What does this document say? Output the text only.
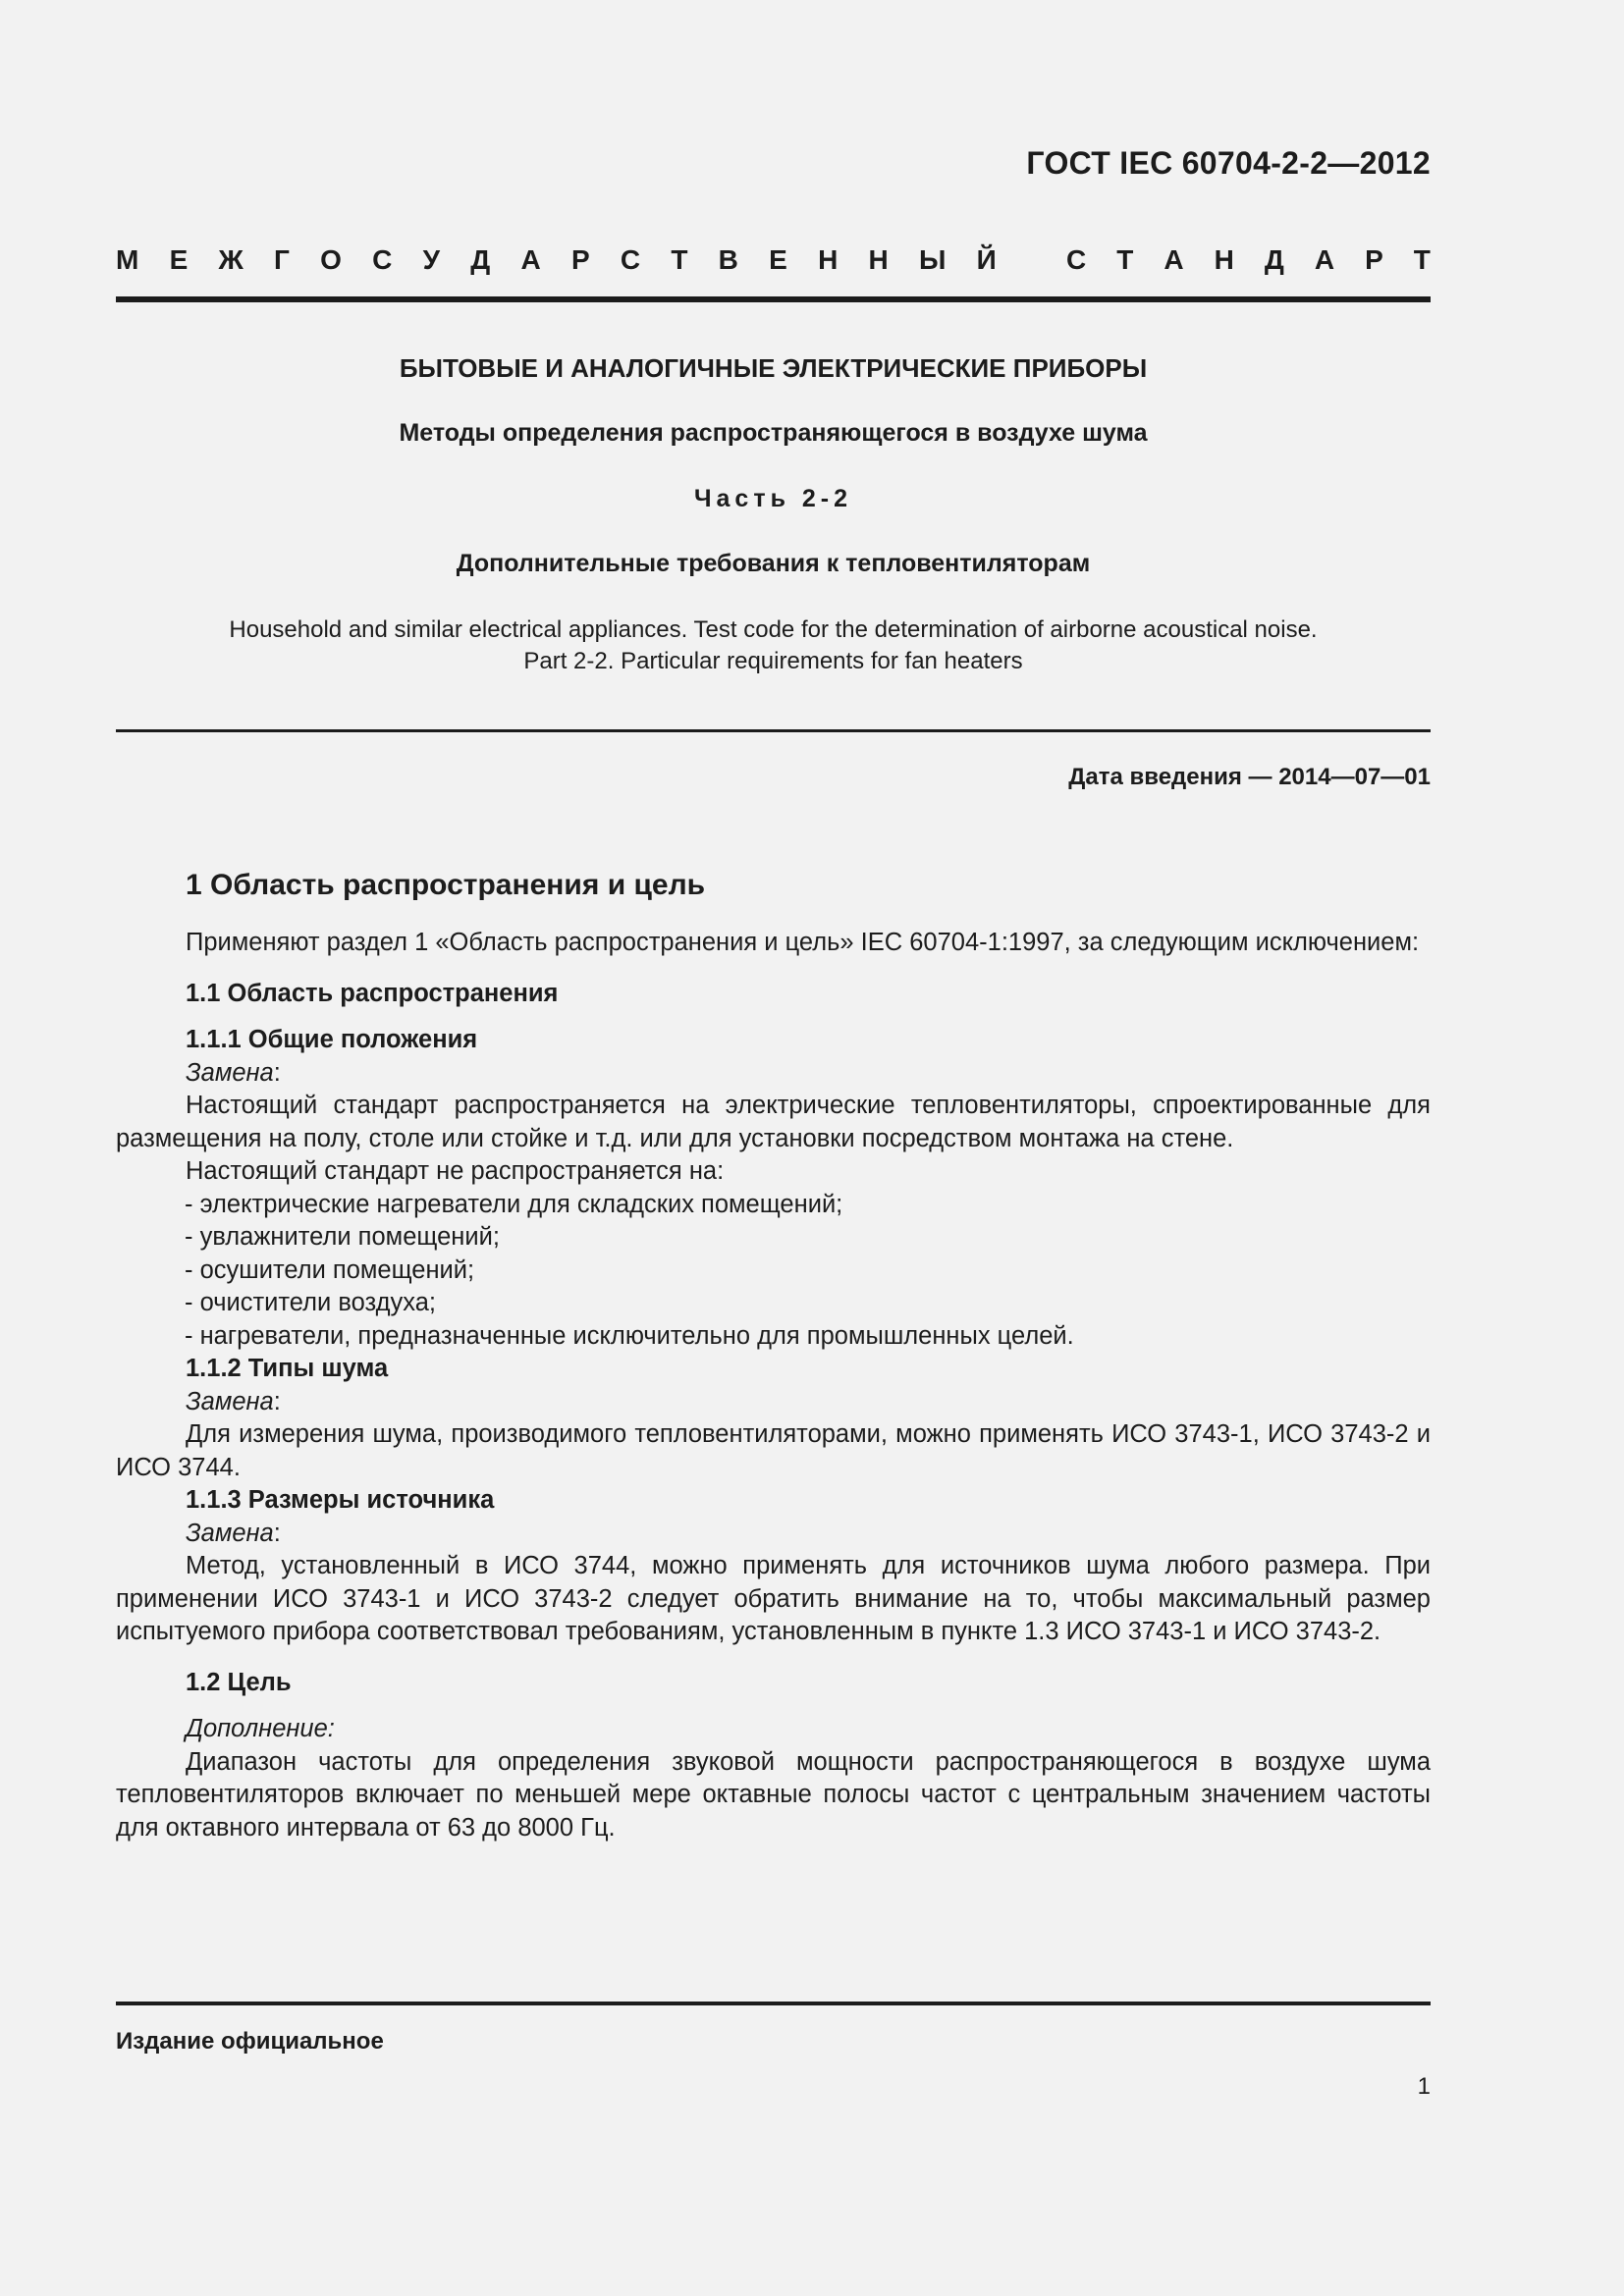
ГОСТ IEC 60704-2-2—2012
М Е Ж Г О С У Д А Р С Т В Е Н Н Ы Й	С Т А Н Д А Р Т
БЫТОВЫЕ И АНАЛОГИЧНЫЕ ЭЛЕКТРИЧЕСКИЕ ПРИБОРЫ
Методы определения распространяющегося в воздухе шума
Часть 2-2
Дополнительные требования к тепловентиляторам
Household and similar electrical appliances. Test code for the determination of airborne acoustical noise.
Part 2-2. Particular requirements for fan heaters
Дата введения — 2014—07—01

1 Область распространения и цель

Применяют раздел 1 «Область распространения и цель» IEC 60704-1:1997, за следующим исключением:

1.1 Область распространения

1.1.1 Общие положения

Замена:

Настоящий стандарт распространяется на электрические тепловентиляторы, спроектированные для размещения на полу, столе или стойке и т.д. или для установки посредством монтажа на стене.

Настоящий стандарт не распространяется на:

- электрические нагреватели для складских помещений;

- увлажнители помещений;

- осушители помещений;

- очистители воздуха;

- нагреватели, предназначенные исключительно для промышленных целей.

1.1.2 Типы шума

Замена:

Для измерения шума, производимого тепловентиляторами, можно применять ИСО 3743-1, ИСО 3743-2 и ИСО 3744.

1.1.3 Размеры источника

Замена:

Метод, установленный в ИСО 3744, можно применять для источников шума любого размера. При применении ИСО 3743-1 и ИСО 3743-2 следует обратить внимание на то, чтобы максимальный размер испытуемого прибора соответствовал требованиям, установленным в пункте 1.3 ИСО 3743-1 и ИСО 3743-2.

1.2 Цель

Дополнение:

Диапазон частоты для определения звуковой мощности распространяющегося в воздухе шума тепловентиляторов включает по меньшей мере октавные полосы частот с центральным значением частоты для октавного интервала от 63 до 8000 Гц.

Издание официальное
1
